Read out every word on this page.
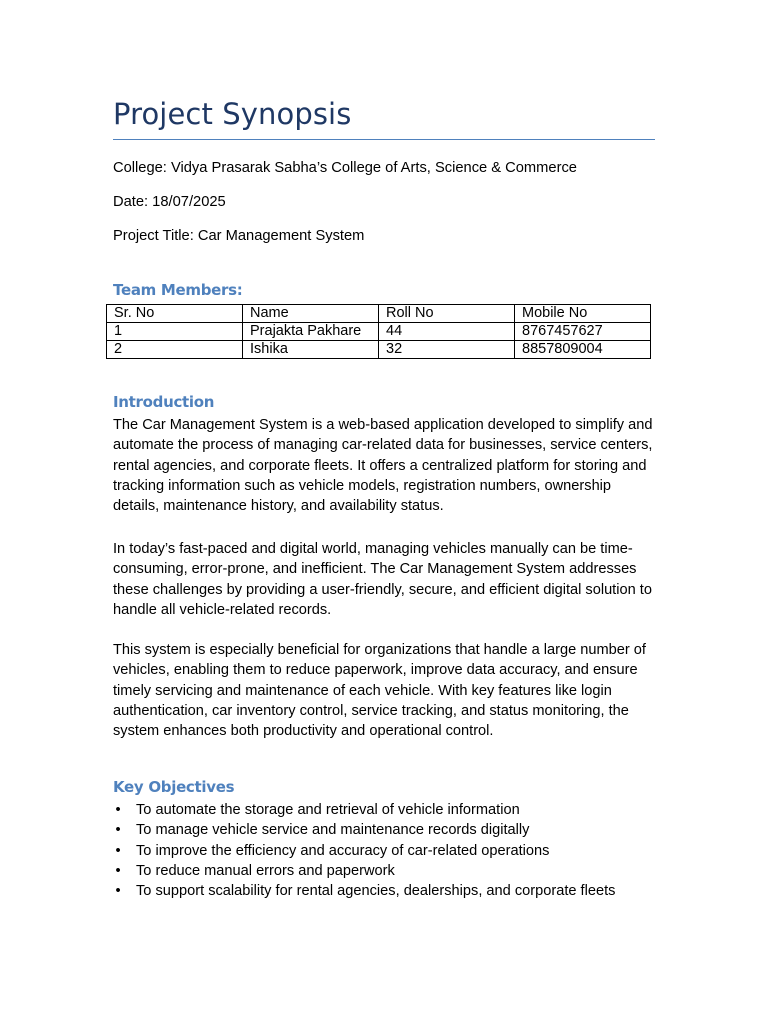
Project Synopsis

College: Vidya Prasarak Sabha’s College of Arts, Science & Commerce

Date: 18/07/2025

Project Title: Car Management System

Team Members:
Sr. No	Name	Roll No	Mobile No
1	Prajakta Pakhare	44	8767457627
2	Ishika	32	8857809004
Introduction

The Car Management System is a web-based application developed to simplify and automate the process of managing car-related data for businesses, service centers, rental agencies, and corporate fleets. It offers a centralized platform for storing and tracking information such as vehicle models, registration numbers, ownership details, maintenance history, and availability status.

In today’s fast-paced and digital world, managing vehicles manually can be time-consuming, error-prone, and inefficient. The Car Management System addresses these challenges by providing a user-friendly, secure, and efficient digital solution to handle all vehicle-related records.

This system is especially beneficial for organizations that handle a large number of vehicles, enabling them to reduce paperwork, improve data accuracy, and ensure timely servicing and maintenance of each vehicle. With key features like login authentication, car inventory control, service tracking, and status monitoring, the system enhances both productivity and operational control.

Key Objectives
• To automate the storage and retrieval of vehicle information
• To manage vehicle service and maintenance records digitally
• To improve the efficiency and accuracy of car-related operations
• To reduce manual errors and paperwork
• To support scalability for rental agencies, dealerships, and corporate fleets
